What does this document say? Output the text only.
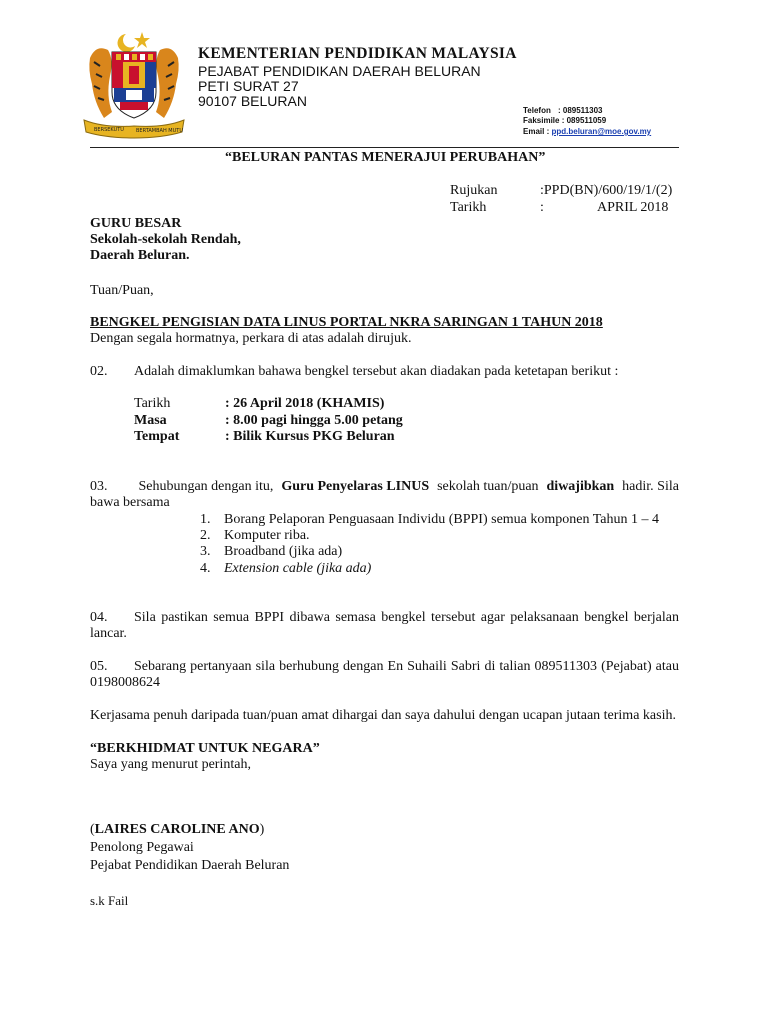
BERSEKUTU BERTAMBAH MUTU
KEMENTERIAN PENDIDIKAN MALAYSIA
PEJABAT PENDIDIKAN DAERAH BELURAN
PETI SURAT 27
90107 BELURAN
Telefon : 089511303
Faksimile : 089511059
Email : ppd.beluran@moe.gov.my
“BELURAN PANTAS MENERAJUI PERUBAHAN”
Rujukan	:PPD(BN)/600/19/1/(2)
Tarikh	:	APRIL 2018
GURU BESAR
Sekolah-sekolah Rendah,
Daerah Beluran.
Tuan/Puan,
BENGKEL PENGISIAN DATA LINUS PORTAL NKRA SARINGAN 1 TAHUN 2018
Dengan segala hormatnya, perkara di atas adalah dirujuk.
02. Adalah dimaklumkan bahawa bengkel tersebut akan diadakan pada ketetapan berikut :
Tarikh	: 26 April 2018 (KHAMIS)
Masa	: 8.00 pagi hingga 5.00 petang
Tempat	: Bilik Kursus PKG Beluran
03. Sehubungan dengan itu, Guru Penyelaras LINUS sekolah tuan/puan diwajibkan hadir. Sila
bawa bersama
1. Borang Pelaporan Penguasaan Individu (BPPI) semua komponen Tahun 1 – 4
2. Komputer riba.
3. Broadband (jika ada)
4. Extension cable (jika ada)
04. Sila pastikan semua BPPI dibawa semasa bengkel tersebut agar pelaksanaan bengkel berjalan
lancar.
05. Sebarang pertanyaan sila berhubung dengan En Suhaili Sabri di talian 089511303 (Pejabat) atau
0198008624
Kerjasama penuh daripada tuan/puan amat dihargai dan saya dahului dengan ucapan jutaan terima kasih.
“BERKHIDMAT UNTUK NEGARA”
Saya yang menurut perintah,
(LAIRES CAROLINE ANO)
Penolong Pegawai
Pejabat Pendidikan Daerah Beluran
s.k Fail
